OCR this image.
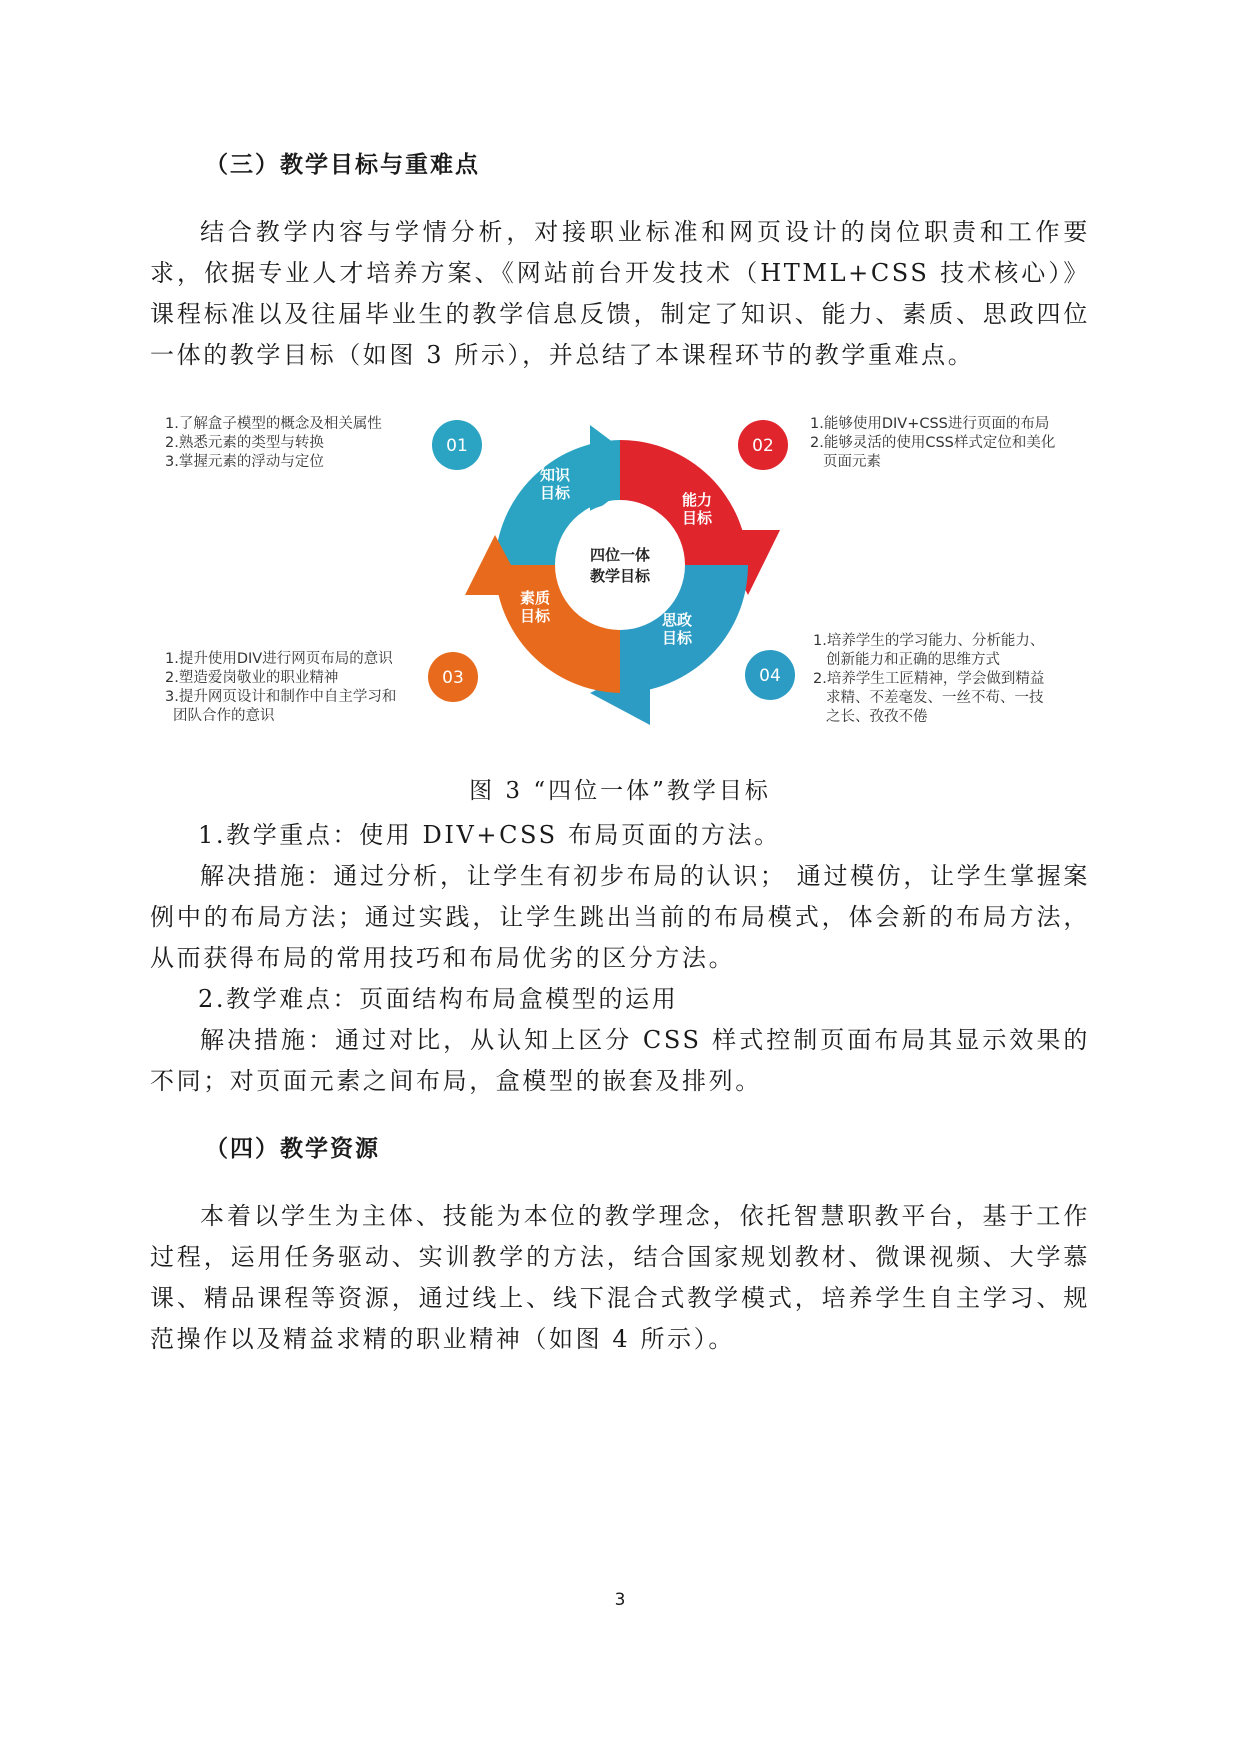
（三）教学目标与重难点

结合教学内容与学情分析，对接职业标准和网页设计的岗位职责和工作要求，依据专业人才培养方案、《网站前台开发技术（HTML+CSS 技术核心）》课程标准以及往届毕业生的教学信息反馈，制定了知识、能力、素质、思政四位一体的教学目标（如图 3 所示），并总结了本课程环节的教学重难点。

四位一体
教学目标
知识
目标	能力
目标
素质
目标	思政
目标
01	02
03	04
1.了解盒子模型的概念及相关属性
2.熟悉元素的类型与转换
3.掌握元素的浮动与定位
1.能够使用DIV+CSS进行页面的布局
2.能够灵活的使用CSS样式定位和美化
页面元素
1.提升使用DIV进行网页布局的意识
2.塑造爱岗敬业的职业精神
3.提升网页设计和制作中自主学习和
团队合作的意识
1.培养学生的学习能力、分析能力、
创新能力和正确的思维方式
2.培养学生工匠精神，学会做到精益
求精、不差毫发、一丝不苟、一技
之长、孜孜不倦
图 3 “四位一体”教学目标

1.教学重点：使用 DIV+CSS 布局页面的方法。

解决措施：通过分析，让学生有初步布局的认识； 通过模仿，让学生掌握案例中的布局方法；通过实践，让学生跳出当前的布局模式，体会新的布局方法，从而获得布局的常用技巧和布局优劣的区分方法。

2.教学难点：页面结构布局盒模型的运用

解决措施：通过对比，从认知上区分 CSS 样式控制页面布局其显示效果的不同；对页面元素之间布局，盒模型的嵌套及排列。

（四）教学资源

本着以学生为主体、技能为本位的教学理念，依托智慧职教平台，基于工作过程，运用任务驱动、实训教学的方法，结合国家规划教材、微课视频、大学慕课、精品课程等资源，通过线上、线下混合式教学模式，培养学生自主学习、规范操作以及精益求精的职业精神（如图 4 所示）。

3
